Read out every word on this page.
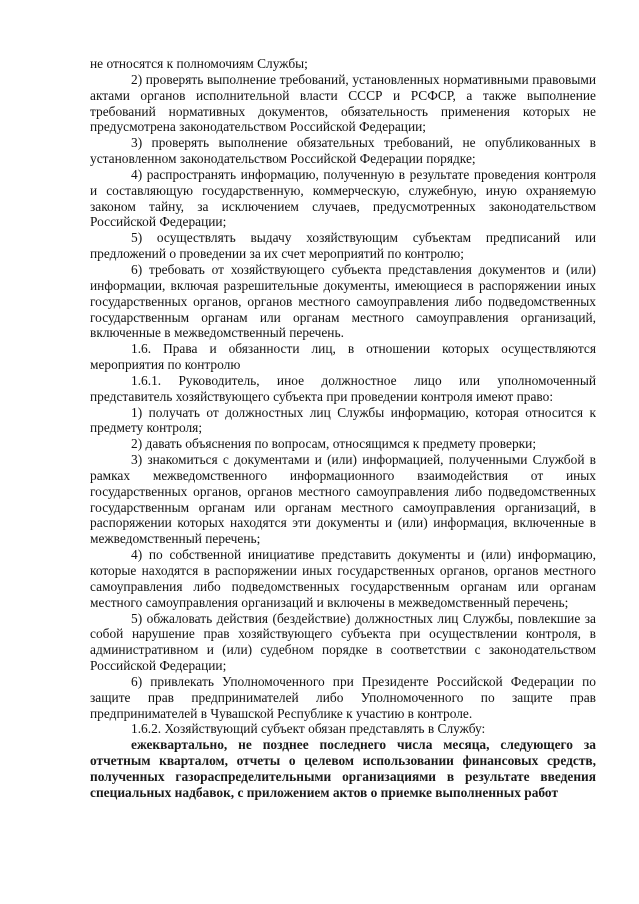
не относятся к полномочиям Службы;

2) проверять выполнение требований, установленных нормативными правовыми актами органов исполнительной власти СССР и РСФСР, а также выполнение требований нормативных документов, обязательность применения которых не предусмотрена законодательством Российской Федерации;

3) проверять выполнение обязательных требований, не опубликованных в установленном законодательством Российской Федерации порядке;

4) распространять информацию, полученную в результате проведения контроля и составляющую государственную, коммерческую, служебную, иную охраняемую законом тайну, за исключением случаев, предусмотренных законодательством Российской Федерации;

5) осуществлять выдачу хозяйствующим субъектам предписаний или предложений о проведении за их счет мероприятий по контролю;

6) требовать от хозяйствующего субъекта представления документов и (или) информации, включая разрешительные документы, имеющиеся в распоряжении иных государственных органов, органов местного самоуправления либо подведомственных государственным органам или органам местного самоуправления организаций, включенные в межведомственный перечень.

1.6. Права и обязанности лиц, в отношении которых осуществляются мероприятия по контролю

1.6.1. Руководитель, иное должностное лицо или уполномоченный представитель хозяйствующего субъекта при проведении контроля имеют право:

1) получать от должностных лиц Службы информацию, которая относится к предмету контроля;

2) давать объяснения по вопросам, относящимся к предмету проверки;

3) знакомиться с документами и (или) информацией, полученными Службой в рамках межведомственного информационного взаимодействия от иных государственных органов, органов местного самоуправления либо подведомственных государственным органам или органам местного самоуправления организаций, в распоряжении которых находятся эти документы и (или) информация, включенные в межведомственный перечень;

4) по собственной инициативе представить документы и (или) информацию, которые находятся в распоряжении иных государственных органов, органов местного самоуправления либо подведомственных государственным органам или органам местного самоуправления организаций и включены в межведомственный перечень;

5) обжаловать действия (бездействие) должностных лиц Службы, повлекшие за собой нарушение прав хозяйствующего субъекта при осуществлении контроля, в административном и (или) судебном порядке в соответствии с законодательством Российской Федерации;

6) привлекать Уполномоченного при Президенте Российской Федерации по защите прав предпринимателей либо Уполномоченного по защите прав предпринимателей в Чувашской Республике к участию в контроле.

1.6.2. Хозяйствующий субъект обязан представлять в Службу:

ежеквартально, не позднее последнего числа месяца, следующего за отчетным кварталом, отчеты о целевом использовании финансовых средств, полученных газораспределительными организациями в результате введения специальных надбавок, с приложением актов о приемке выполненных работ
